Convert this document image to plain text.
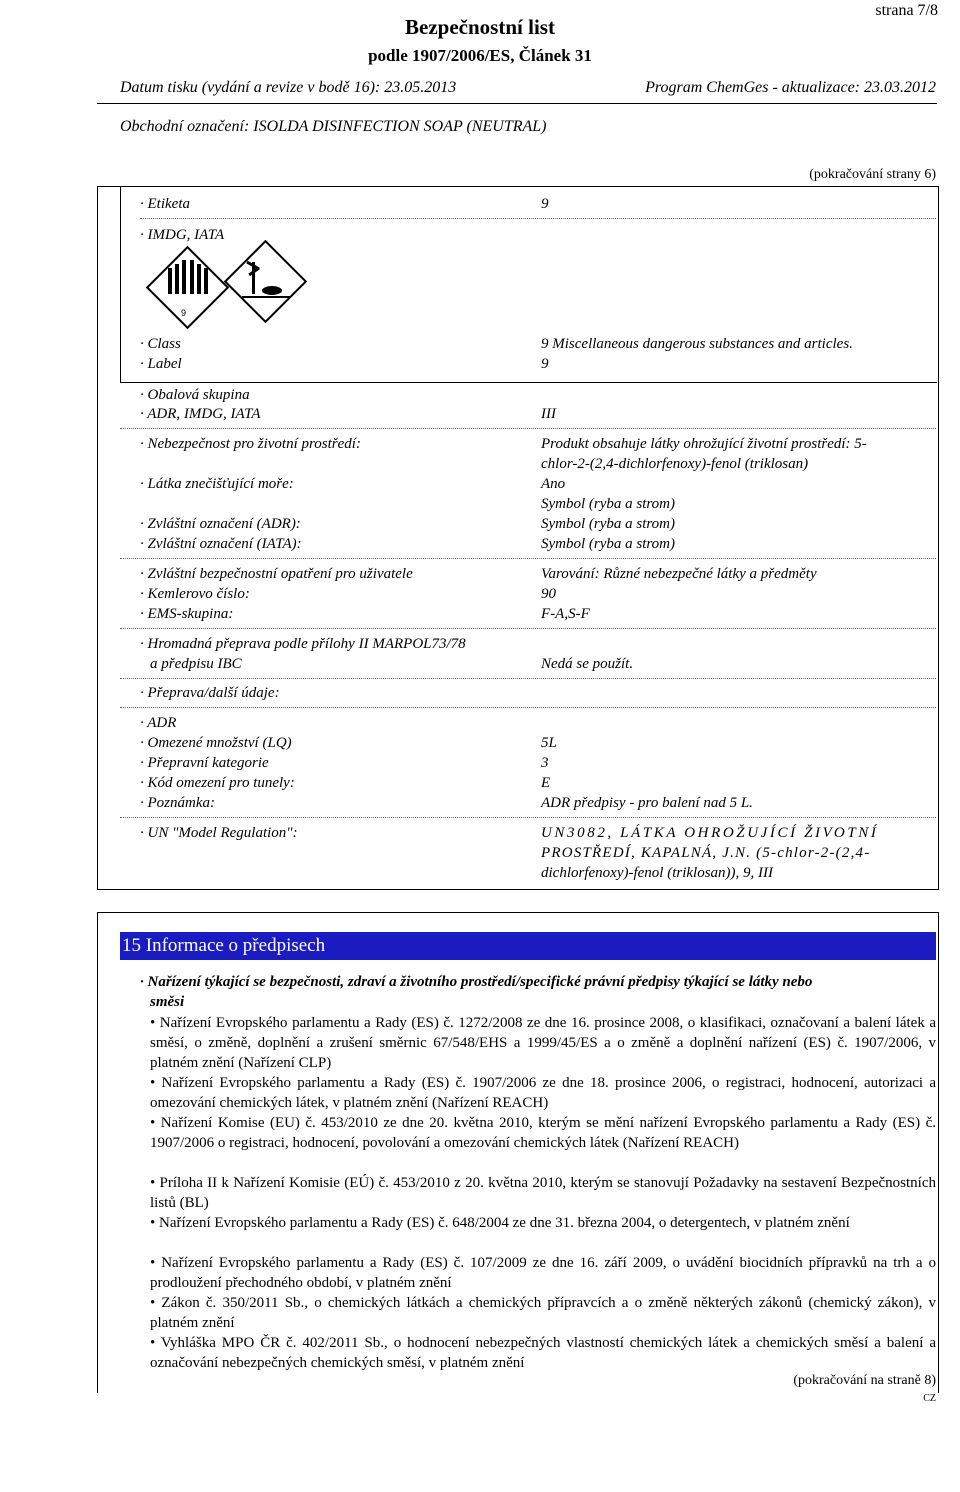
strana 7/8
Bezpečnostní list
podle 1907/2006/ES, Článek 31
Datum tisku (vydání a revize v bodě 16): 23.05.2013	Program ChemGes - aktualizace: 23.03.2012
Obchodní označení: ISOLDA DISINFECTION SOAP (NEUTRAL)
(pokračování strany 6)
· Etiketa	9
· IMDG, IATA
9
· Class	9 Miscellaneous dangerous substances and articles.
· Label	9
· Obalová skupina
· ADR, IMDG, IATA	III
· Nebezpečnost pro životní prostředí:	Produkt obsahuje látky ohrožující životní prostředí: 5-
chlor-2-(2,4-dichlorfenoxy)-fenol (triklosan)
· Látka znečišťující moře:	Ano
Symbol (ryba a strom)
· Zvláštní označení (ADR):	Symbol (ryba a strom)
· Zvláštní označení (IATA):	Symbol (ryba a strom)
· Zvláštní bezpečnostní opatření pro uživatele	Varování: Různé nebezpečné látky a předměty
· Kemlerovo číslo:	90
· EMS-skupina:	F-A,S-F
· Hromadná přeprava podle přílohy II MARPOL73/78
a předpisu IBC	Nedá se použít.
· Přeprava/další údaje:
· ADR
· Omezené množství (LQ)	5L
· Přepravní kategorie	3
· Kód omezení pro tunely:	E
· Poznámka:	ADR předpisy - pro balení nad 5 L.
· UN "Model Regulation":	UN3082, LÁTKA OHROŽUJÍCÍ ŽIVOTNÍ
PROSTŘEDÍ, KAPALNÁ, J.N. (5-chlor-2-(2,4-
dichlorfenoxy)-fenol (triklosan)), 9, III
15 Informace o předpisech
· Nařízení týkající se bezpečnosti, zdraví a životního prostředí/specifické právní předpisy týkající se látky nebo
směsi
• Nařízení Evropského parlamentu a Rady (ES) č. 1272/2008 ze dne 16. prosince 2008, o klasifikaci, označovaní a balení látek a směsí, o změně, doplnění a zrušení směrnic 67/548/EHS a 1999/45/ES a o změně a doplnění nařízení (ES) č. 1907/2006, v platném znění (Nařízení CLP)
• Nařízení Evropského parlamentu a Rady (ES) č. 1907/2006 ze dne 18. prosince 2006, o registraci, hodnocení, autorizaci a omezování chemických látek, v platném znění (Nařízení REACH)
• Nařízení Komise (EU) č. 453/2010 ze dne 20. května 2010, kterým se mění nařízení Evropského parlamentu a Rady (ES) č. 1907/2006 o registraci, hodnocení, povolování a omezování chemických látek (Nařízení REACH)
• Príloha II k Nařízení Komisie (EÚ) č. 453/2010 z 20. května 2010, kterým se stanovují Požadavky na sestavení Bezpečnostních listů (BL)
• Nařízení Evropského parlamentu a Rady (ES) č. 648/2004 ze dne 31. března 2004, o detergentech, v platném znění
• Nařízení Evropského parlamentu a Rady (ES) č. 107/2009 ze dne 16. září 2009, o uvádění biocidních přípravků na trh a o prodloužení přechodného období, v platném znění
• Zákon č. 350/2011 Sb., o chemických látkách a chemických přípravcích a o změně některých zákonů (chemický zákon), v platném znění
• Vyhláška MPO ČR č. 402/2011 Sb., o hodnocení nebezpečných vlastností chemických látek a chemických směsí a balení a označování nebezpečných chemických směsí, v platném znění
(pokračování na straně 8)
CZ
